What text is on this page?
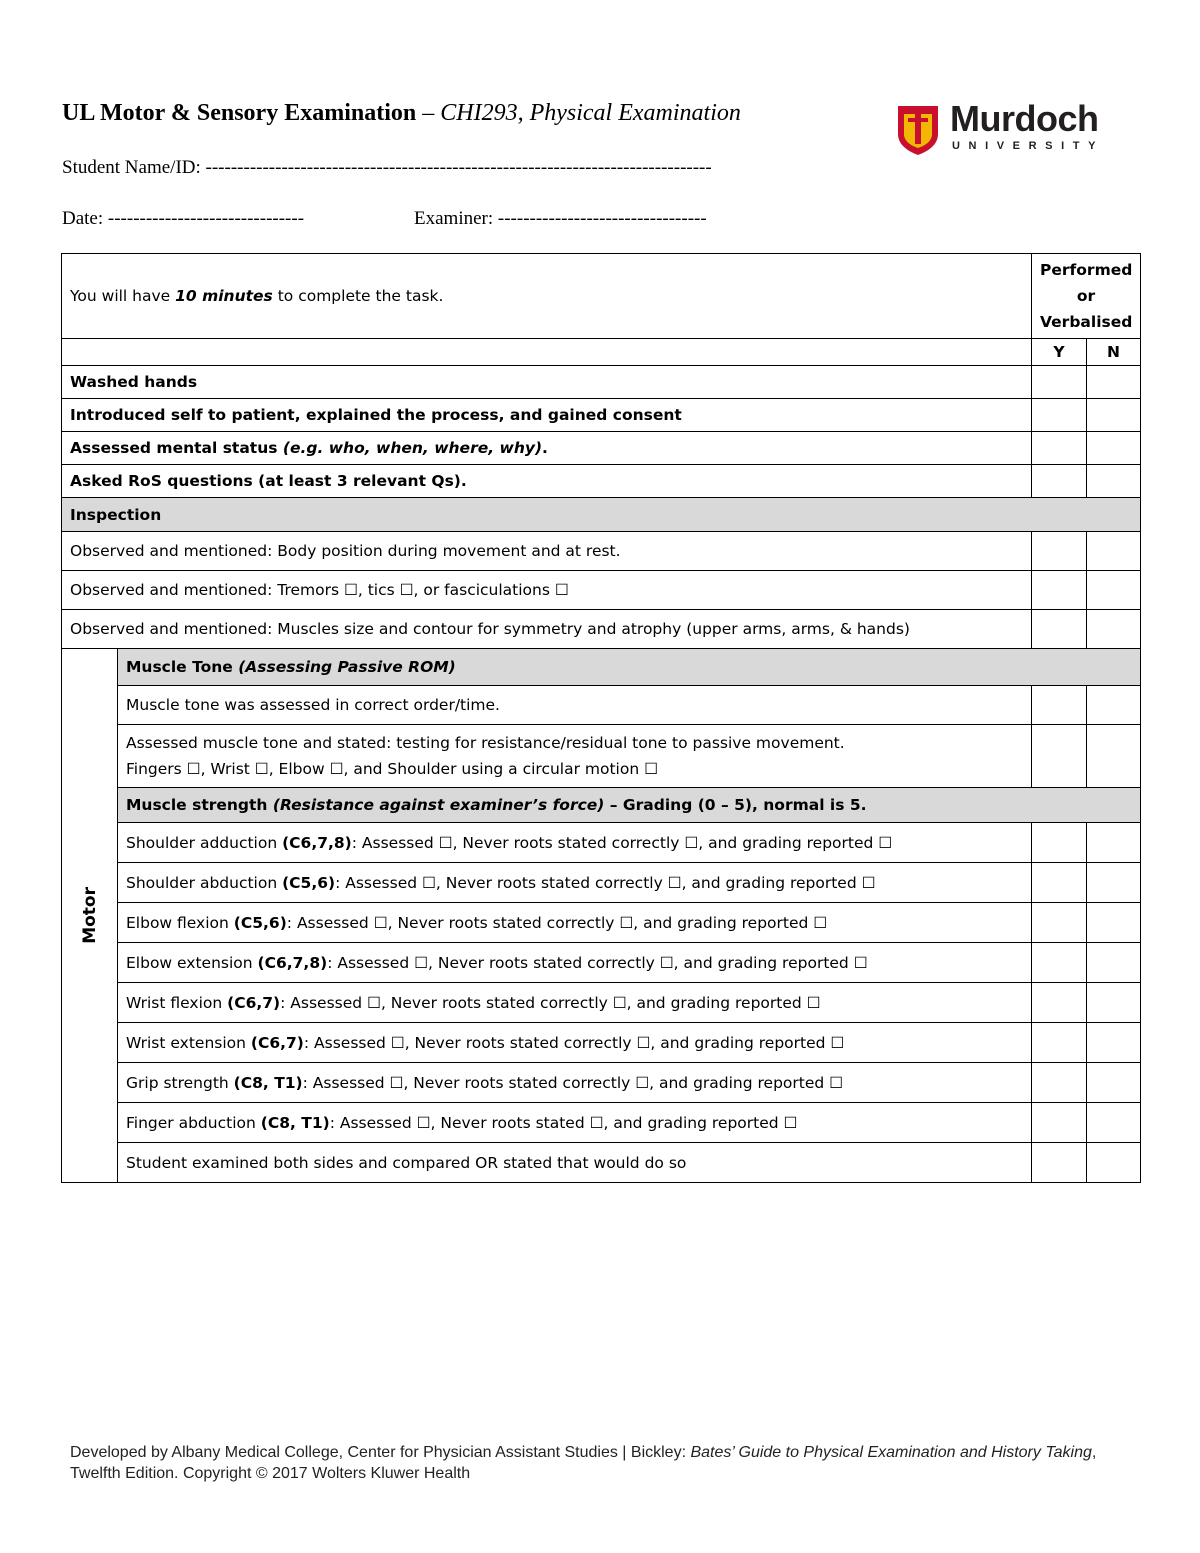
UL Motor & Sensory Examination – CHI293, Physical Examination
Student Name/ID: --------------------------------------------------------------------------------
Date: -------------------------------	Examiner: ---------------------------------
Murdoch
UNIVERSITY
You will have 10 minutes to complete the task.		Performed
or
Verbalised	

		Y	N
Washed hands			
Introduced self to patient, explained the process, and gained consent			
Assessed mental status (e.g. who, when, where, why).			
Asked RoS questions (at least 3 relevant Qs).			
Inspection			
Observed and mentioned: Body position during movement and at rest.			
Observed and mentioned: Tremors ☐, tics ☐, or fasciculations ☐			
Observed and mentioned: Muscles size and contour for symmetry and atrophy (upper arms, arms, & hands)			

Motor	Muscle Tone (Assessing Passive ROM)		
	Muscle tone was assessed in correct order/time.		

	Assessed muscle tone and stated: testing for resistance/residual tone to passive movement.
Fingers ☐, Wrist ☐, Elbow ☐, and Shoulder using a circular motion ☐		

	Muscle strength (Resistance against examiner’s force) – Grading (0 – 5), normal is 5.		
	Shoulder adduction (C6,7,8): Assessed ☐, Never roots stated correctly ☐, and grading reported ☐		
	Shoulder abduction (C5,6): Assessed ☐, Never roots stated correctly ☐, and grading reported ☐		
	Elbow flexion (C5,6): Assessed ☐, Never roots stated correctly ☐, and grading reported ☐		
	Elbow extension (C6,7,8): Assessed ☐, Never roots stated correctly ☐, and grading reported ☐		
	Wrist flexion (C6,7): Assessed ☐, Never roots stated correctly ☐, and grading reported ☐		
	Wrist extension (C6,7): Assessed ☐, Never roots stated correctly ☐, and grading reported ☐		
	Grip strength (C8, T1): Assessed ☐, Never roots stated correctly ☐, and grading reported ☐		
	Finger abduction (C8, T1): Assessed ☐, Never roots stated ☐, and grading reported ☐		
	Student examined both sides and compared OR stated that would do so		
Developed by Albany Medical College, Center for Physician Assistant Studies | Bickley: Bates’ Guide to Physical Examination and History Taking, Twelfth Edition. Copyright © 2017 Wolters Kluwer Health
